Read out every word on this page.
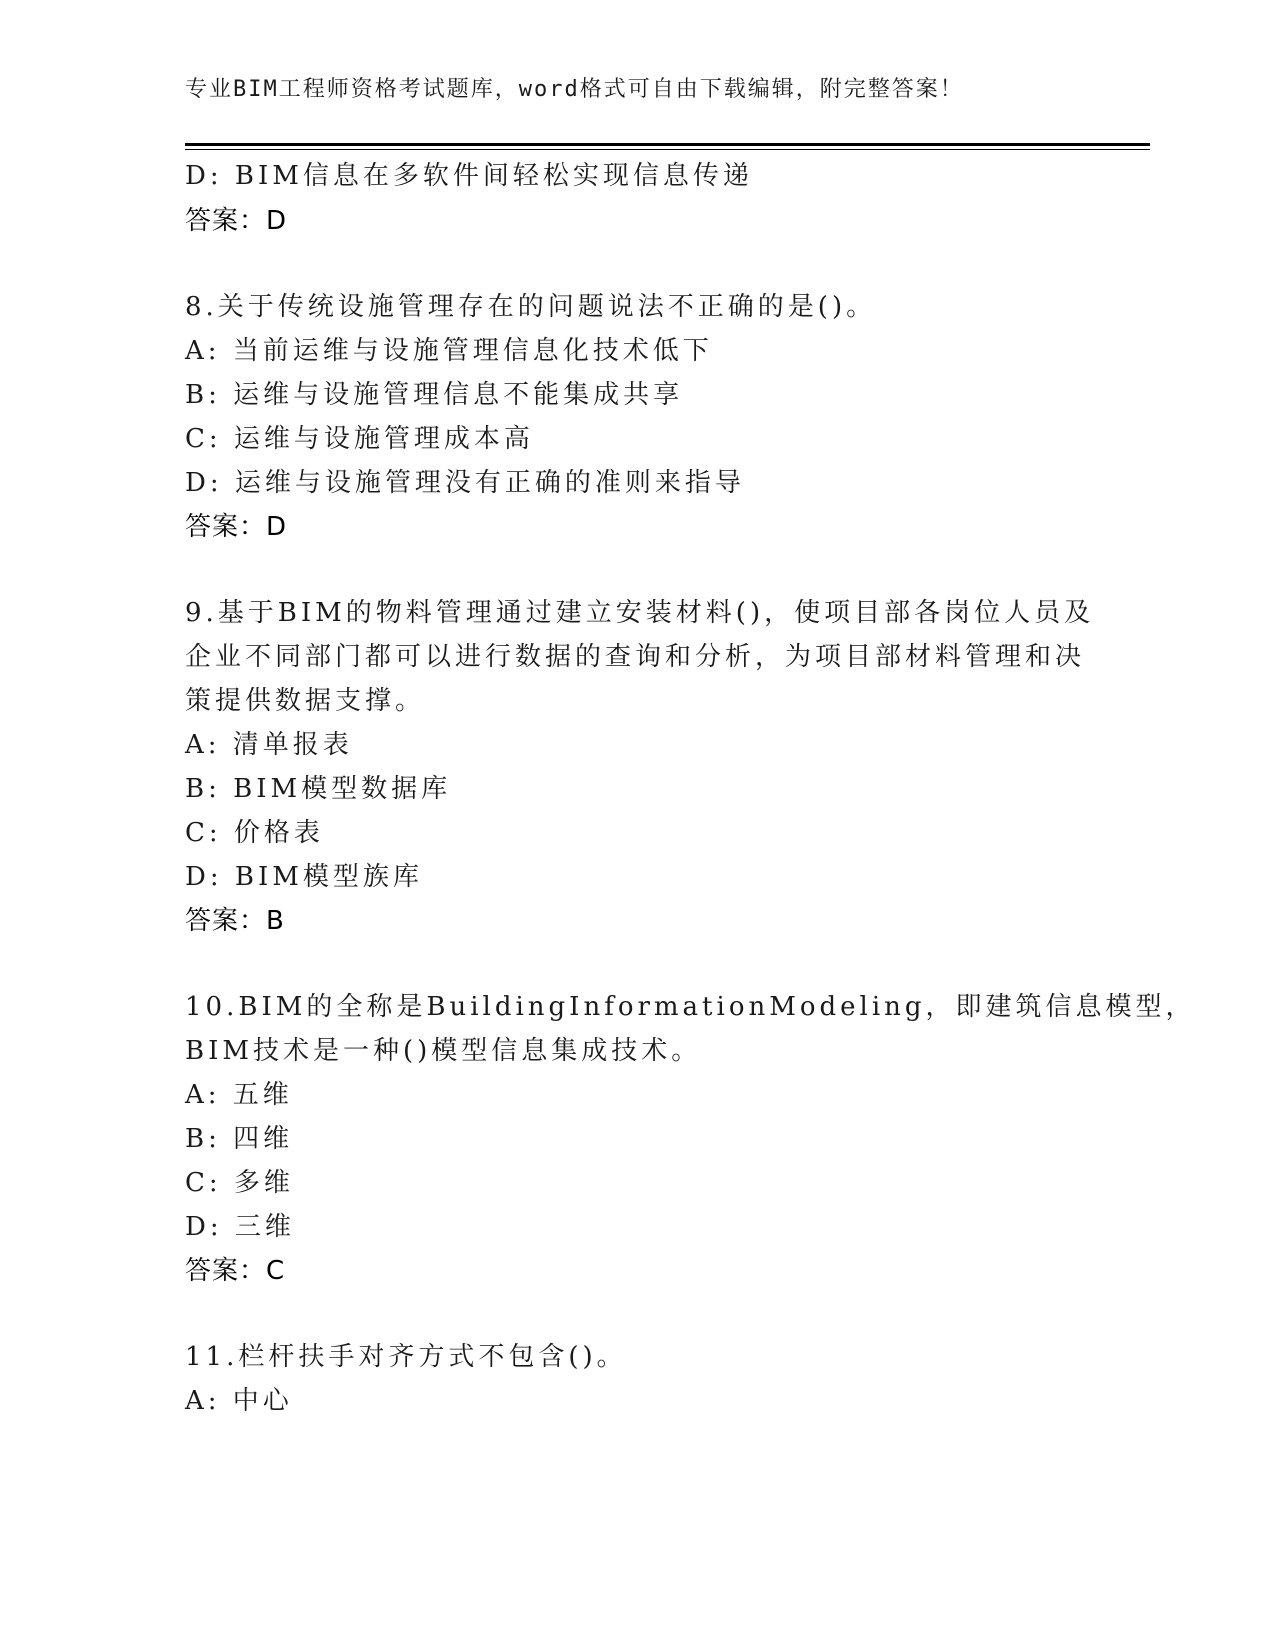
专业BIM工程师资格考试题库，word格式可自由下载编辑，附完整答案！
D: BIM信息在多软件间轻松实现信息传递
答案：D
8.关于传统设施管理存在的问题说法不正确的是()。
A: 当前运维与设施管理信息化技术低下
B: 运维与设施管理信息不能集成共享
C: 运维与设施管理成本高
D: 运维与设施管理没有正确的准则来指导
答案：D
9.基于BIM的物料管理通过建立安装材料()，使项目部各岗位人员及
企业不同部门都可以进行数据的查询和分析，为项目部材料管理和决
策提供数据支撑。
A: 清单报表
B: BIM模型数据库
C: 价格表
D: BIM模型族库
答案：B
10.BIM的全称是BuildingInformationModeling，即建筑信息模型，
BIM技术是一种()模型信息集成技术。
A: 五维
B: 四维
C: 多维
D: 三维
答案：C
11.栏杆扶手对齐方式不包含()。
A: 中心
